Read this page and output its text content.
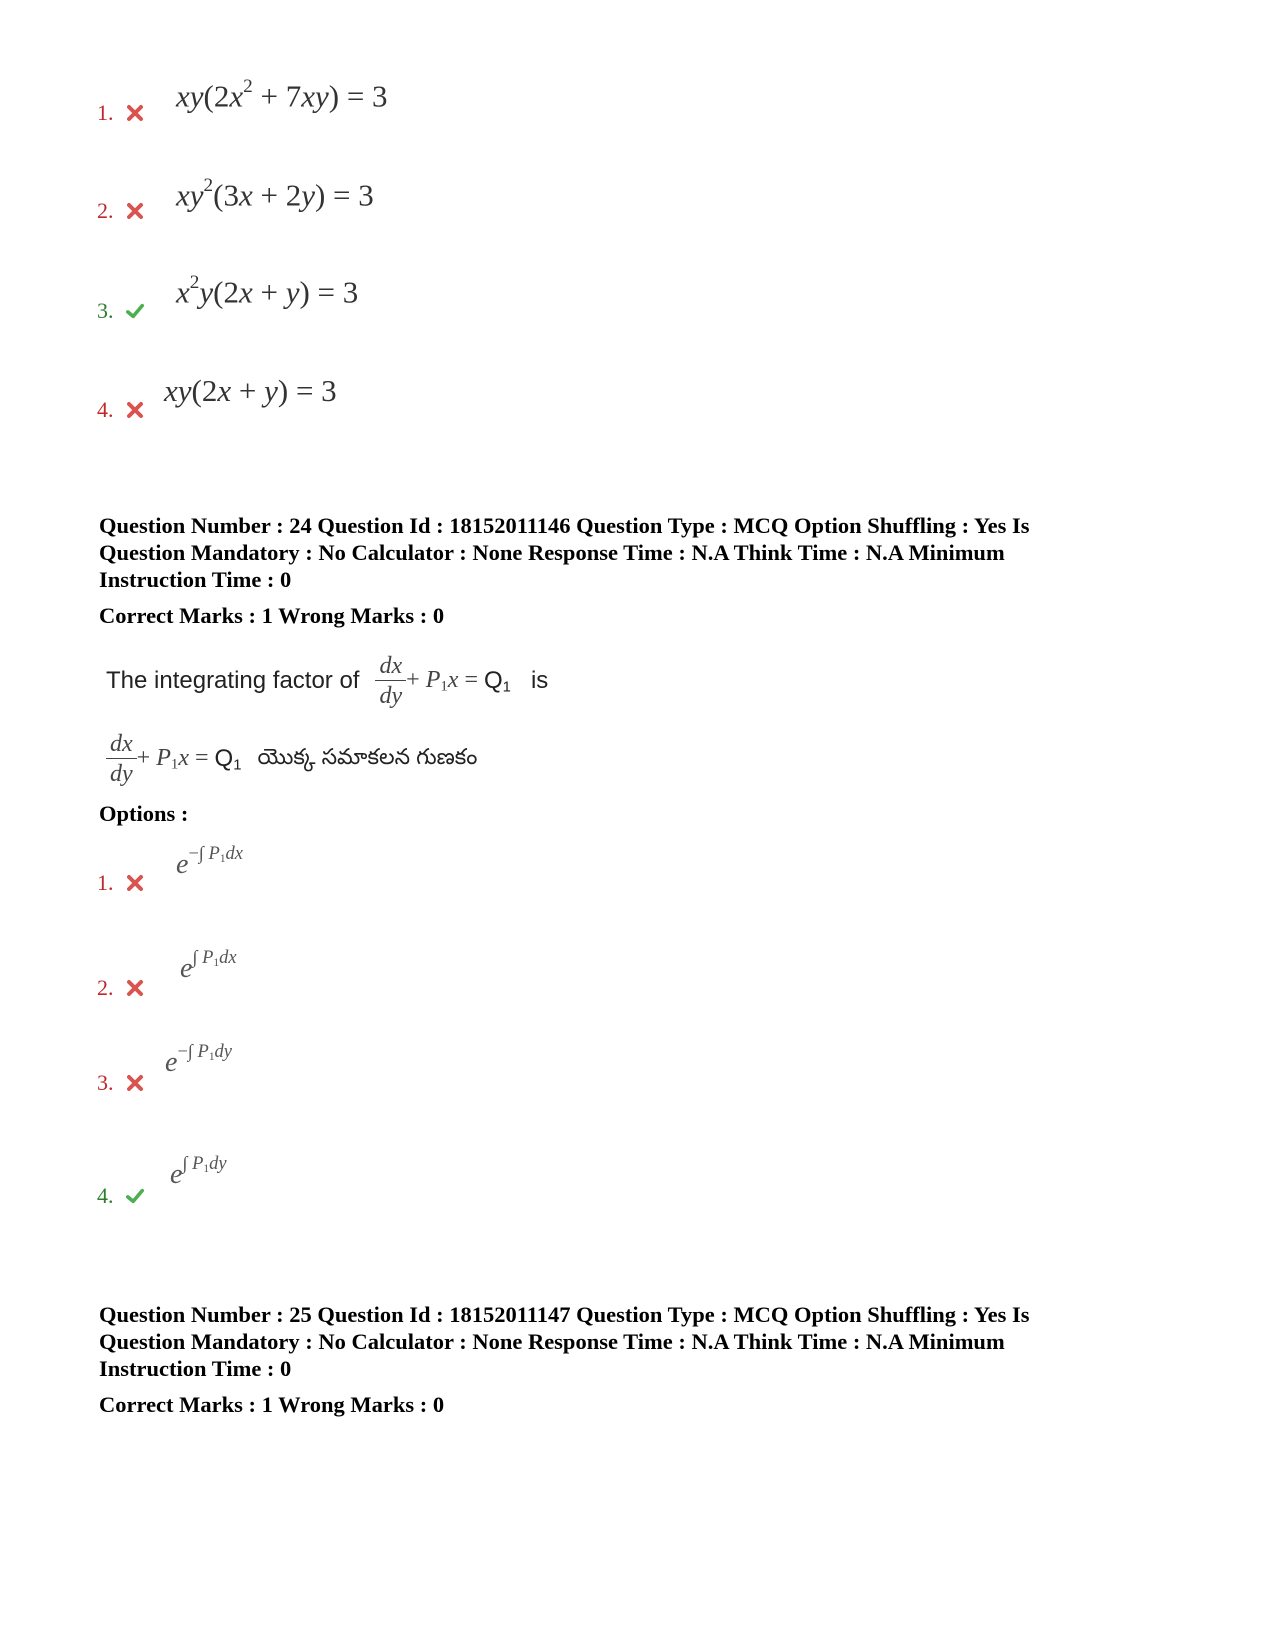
1.	$xy(2x^2 + 7xy) = 3$
2.	$xy^2(3x + 2y) = 3$
3.
$x^2y(2x + y) = 3$
4.
xy(2x + y) = 3
Question Number : 24 Question Id : 18152011146 Question Type : MCQ Option Shuffling : Yes Is
Question Mandatory : No Calculator : None Response Time : N.A Think Time : N.A Minimum
Instruction Time : 0
Correct Marks : 1 Wrong Marks : 0
The integrating factor of $\frac{dx}{dy} + P_1x = Q_1$ is
$\frac{dx}{dy} + P_1x = Q_1$ యొక్క సమాకలన గుణకం
Options :
1.
$e^{-\int P_1dx}$
2.
$e^{\int P_1dx}$
3.
$e^{-\int P_1dy}$
4.
$e^{\int P_1dy}$
Question Number : 25 Question Id : 18152011147 Question Type : MCQ Option Shuffling : Yes Is
Question Mandatory : No Calculator : None Response Time : N.A Think Time : N.A Minimum
Instruction Time : 0
Correct Marks : 1 Wrong Marks : 0
